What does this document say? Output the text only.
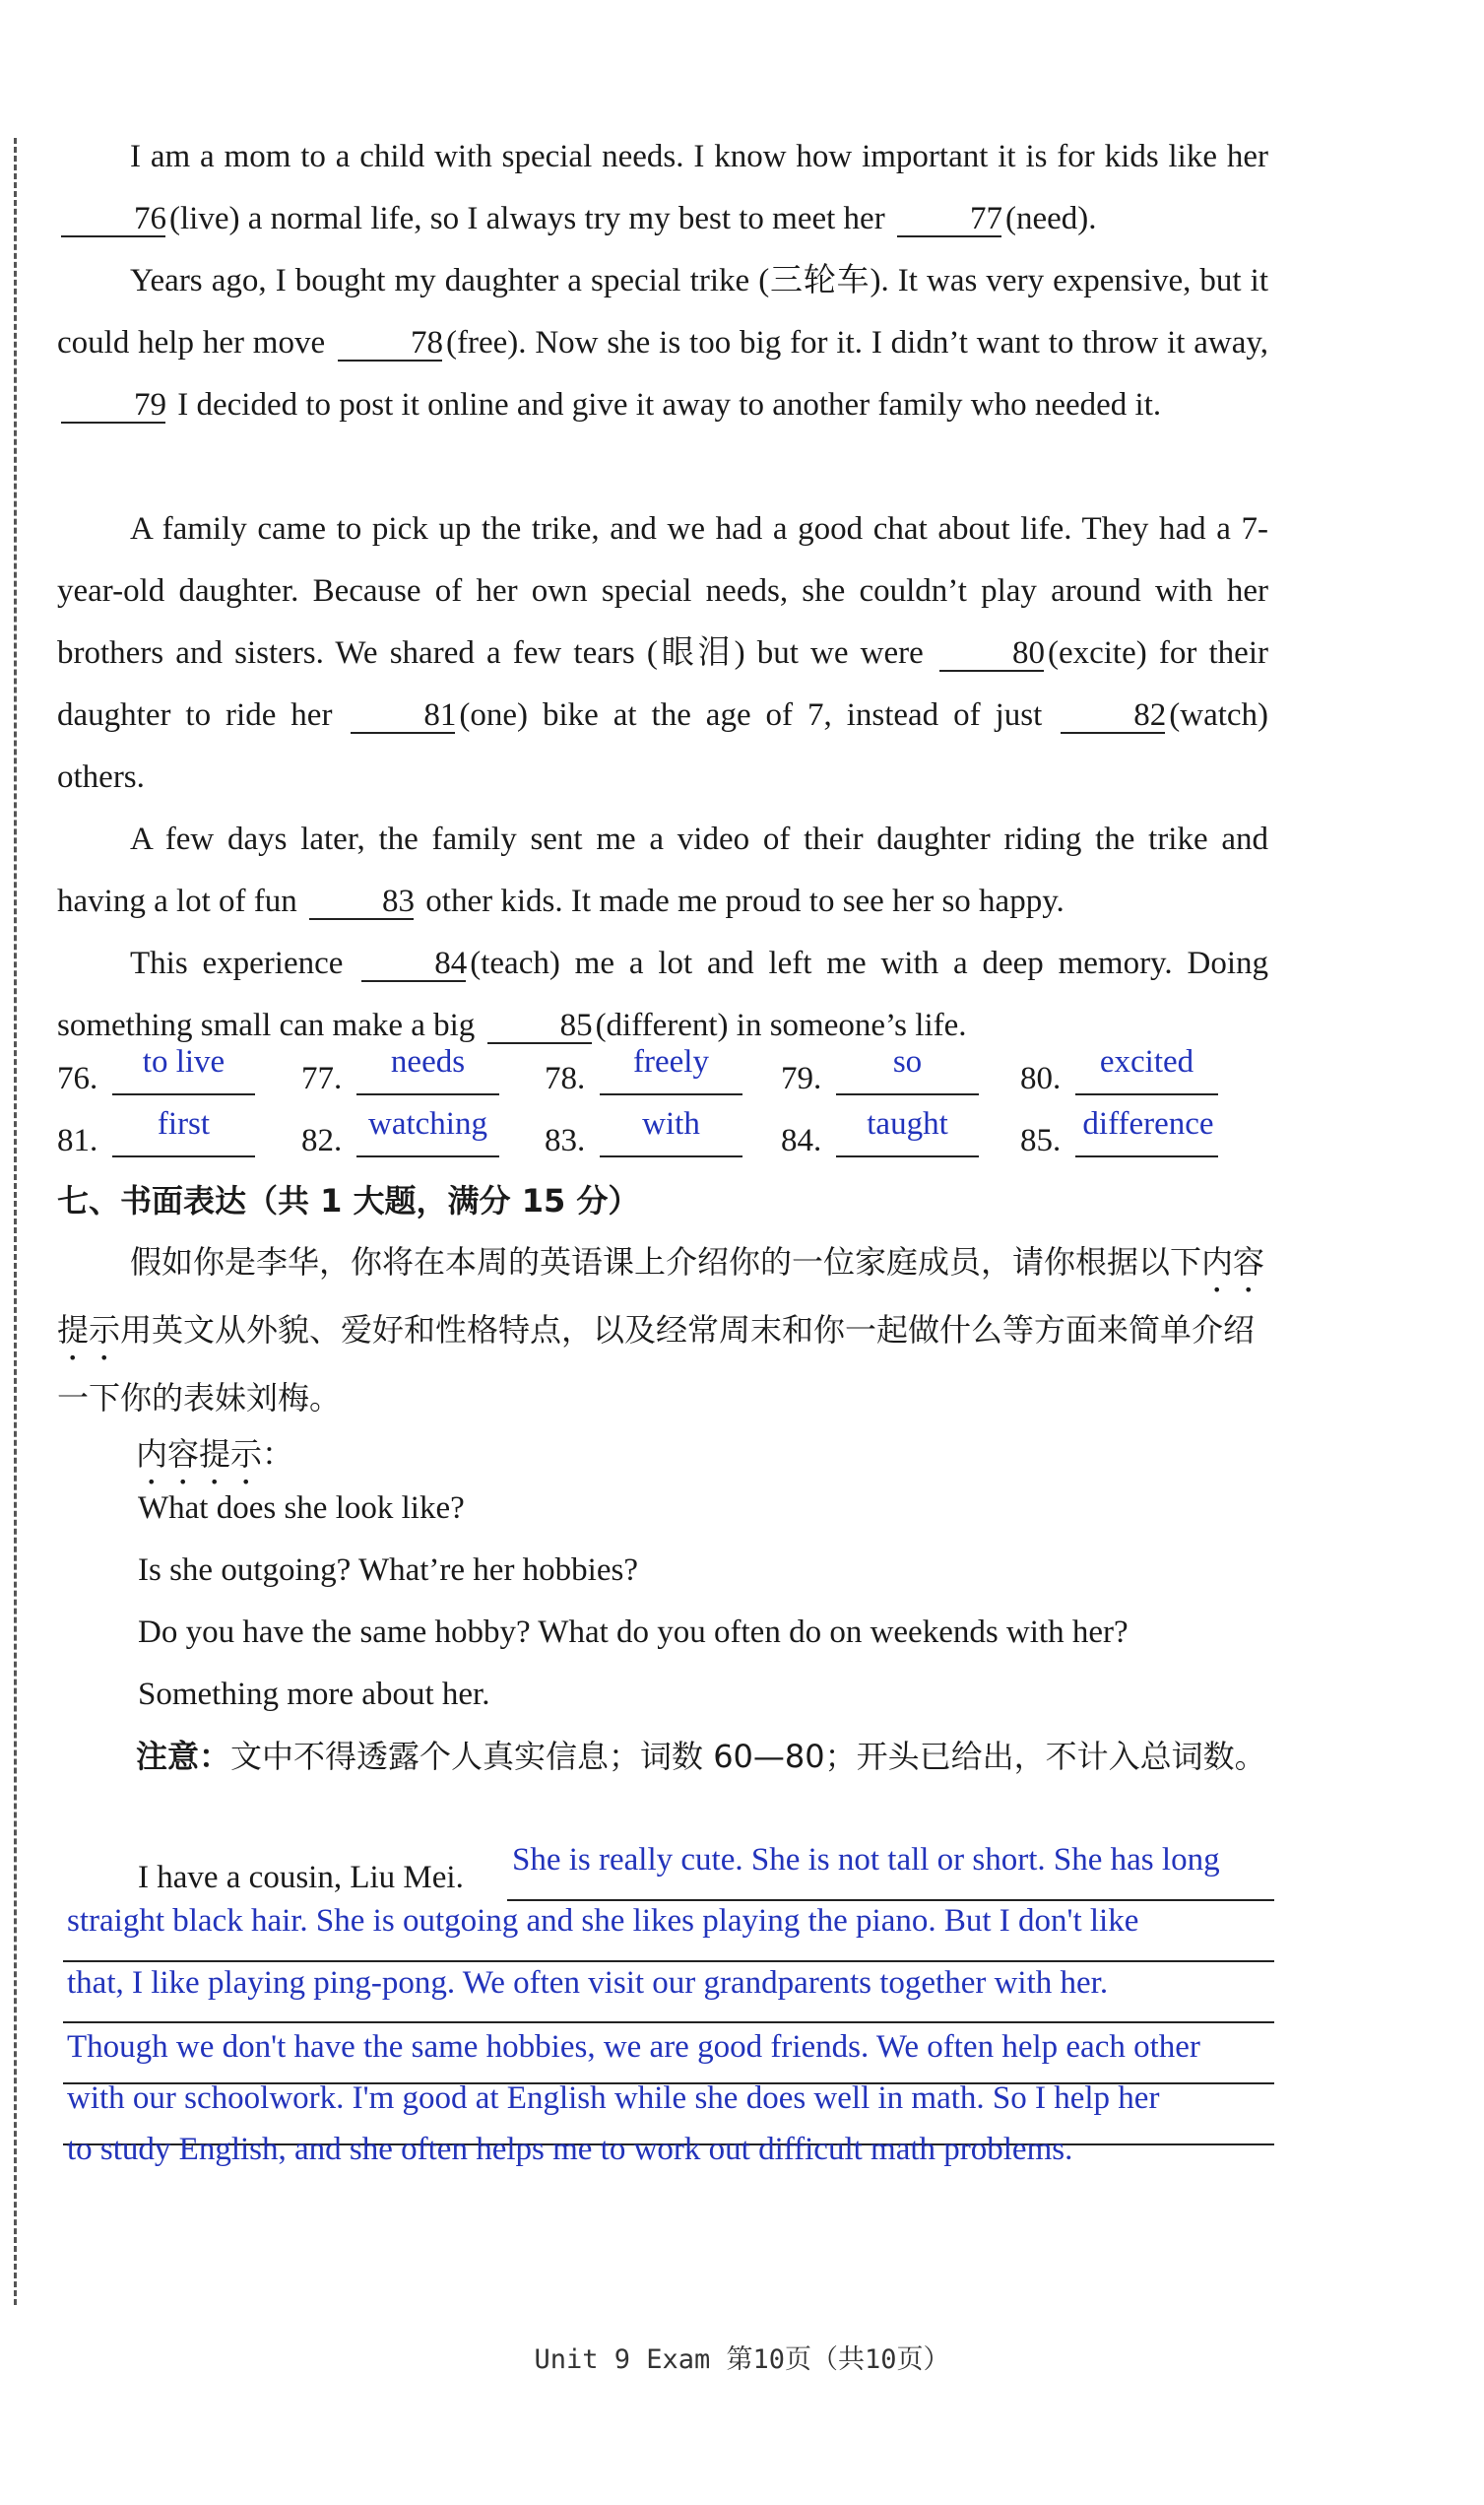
I am a mom to a child with special needs. I know how important it is for kids like her 76(live) a normal life, so I always try my best to meet her	77(need).

Years ago, I bought my daughter a special trike (三轮车). It was very expensive, but it could help her move	78(free). Now she is too big for it. I didn’t want to throw it away, 79 I decided to post it online and give it away to another family who needed it.

A family came to pick up the trike, and we had a good chat about life. They had a 7-year-old daughter. Because of her own special needs, she couldn’t play around with her brothers and sisters. We shared a few tears (眼泪) but we were	80(excite) for their daughter to ride her	81(one) bike at the age of 7, instead of just	82(watch) others.

A few days later, the family sent me a video of their daughter riding the trike and having a lot of fun	83 other kids. It made me proud to see her so happy.

This experience	84(teach) me a lot and left me with a deep memory. Doing something small can make a big	85(different) in someone’s life.

76.	to live	77.	needs	78.	freely	79.	so	80.	excited
81.	first	82. watching	83.	with	84.	taught	85. difference
七、书面表达（共 1 大题，满分 15 分）

假如你是李华，你将在本周的英语课上介绍你的一位家庭成员，请你根据以下内容提示用英文从外貌、爱好和性格特点，以及经常周末和你一起做什么等方面来简单介绍一下你的表妹刘梅。

内容提示：

What does she look like?

Is she outgoing? What’re her hobbies?

Do you have the same hobby? What do you often do on weekends with her?

Something more about her.

注意：文中不得透露个人真实信息；词数 60—80；开头已给出，不计入总词数。

I have a cousin, Liu Mei. She is really cute. She is not tall or short. She has long
straight black hair. She is outgoing and she likes playing the piano. But I don't like
that, I like playing ping-pong. We often visit our grandparents together with her.
Though we don't have the same hobbies, we are good friends. We often help each other
with our schoolwork. I'm good at English while she does well in math. So I help her
to study English, and she often helps me to work out difficult math problems.
Unit 9 Exam 第10页（共10页）
